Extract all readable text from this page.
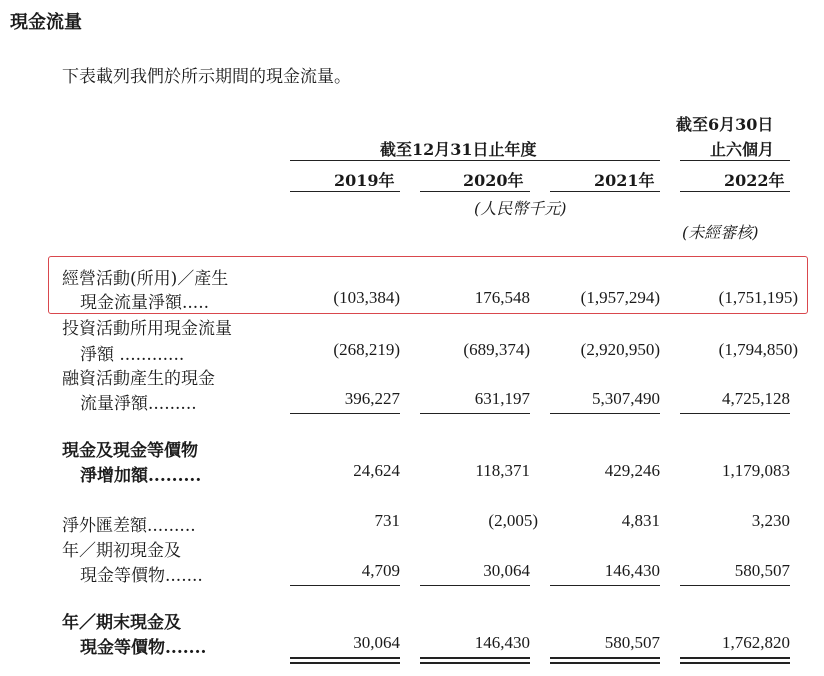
現金流量
下表載列我們於所示期間的現金流量。
截至6月30日
截至12月31日止年度	止六個月
2019年	2020年	2021年	2022年
(人民幣千元)
(未經審核)
經營活動(所用)／產生
現金流量淨額.....	(103,384)	176,548	(1,957,294)	(1,751,195)
投資活動所用現金流量
淨額 ............	(268,219)	(689,374)	(2,920,950)	(1,794,850)
融資活動產生的現金
流量淨額.........	396,227	631,197	5,307,490	4,725,128
現金及現金等價物
淨增加額.........	24,624	118,371	429,246	1,179,083
淨外匯差額.........	731	(2,005)	4,831	3,230
年／期初現金及
現金等價物.......	4,709	30,064	146,430	580,507
年／期末現金及
現金等價物.......	30,064	146,430	580,507	1,762,820
